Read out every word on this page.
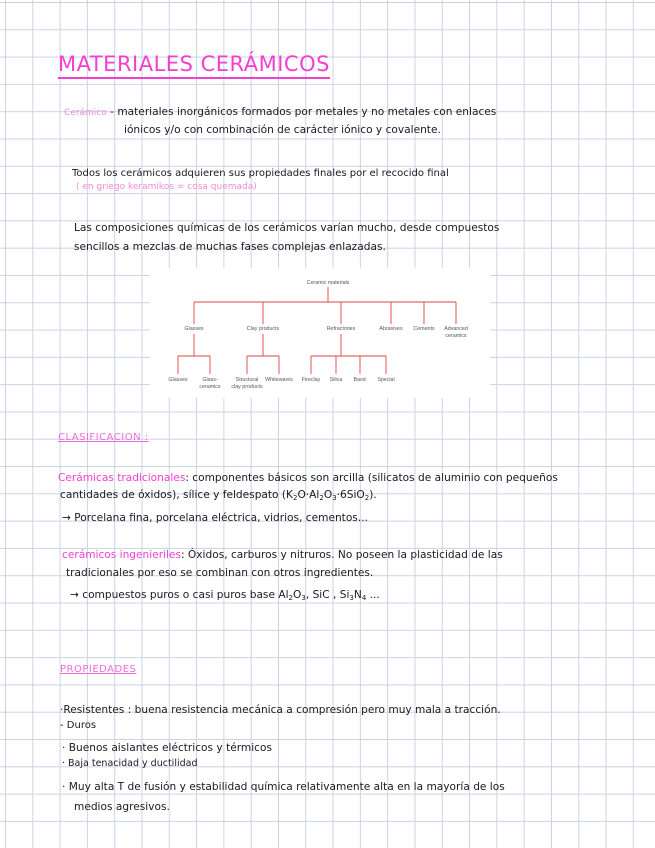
MATERIALES CERÁMICOS
Cerámico - materiales inorgánicos formados por metales y no metales con enlaces
iónicos y/o con combinación de carácter iónico y covalente.
Todos los cerámicos adquieren sus propiedades finales por el recocido final
( en griego keramikos = cosa quemada)
Las composiciones químicas de los cerámicos varían mucho, desde compuestos
sencillos a mezclas de muchas fases complejas enlazadas.
Ceramic materials
Glasses	Clay products	Refractories	Abrasives Cements Advanced
ceramics
Glasses	Glass-
ceramics
Structural
clay products
Whitewares Fireclay Silica Basic Special
CLASIFICACION :
Cerámicas tradicionales: componentes básicos son arcilla (silicatos de aluminio con pequeños
cantidades de óxidos), sílice y feldespato $(K_2O\cdot Al_2O_3\cdot 6SiO_2)$.
→ Porcelana fina, porcelana eléctrica, vidrios, cementos...
cerámicos ingenieriles: Óxidos, carburos y nitruros. No poseen la plasticidad de las
tradicionales por eso se combinan con otros ingredientes.
→ compuestos puros o casi puros base $Al_2O_3$, SiC , $Si_3N_4$ ...
PROPIEDADES
·Resistentes : buena resistencia mecánica a compresión pero muy mala a tracción.
- Duros
· Buenos aislantes eléctricos y térmicos
· Baja tenacidad y ductilidad
· Muy alta T de fusión y estabilidad química relativamente alta en la mayoría de los
medios agresivos.
